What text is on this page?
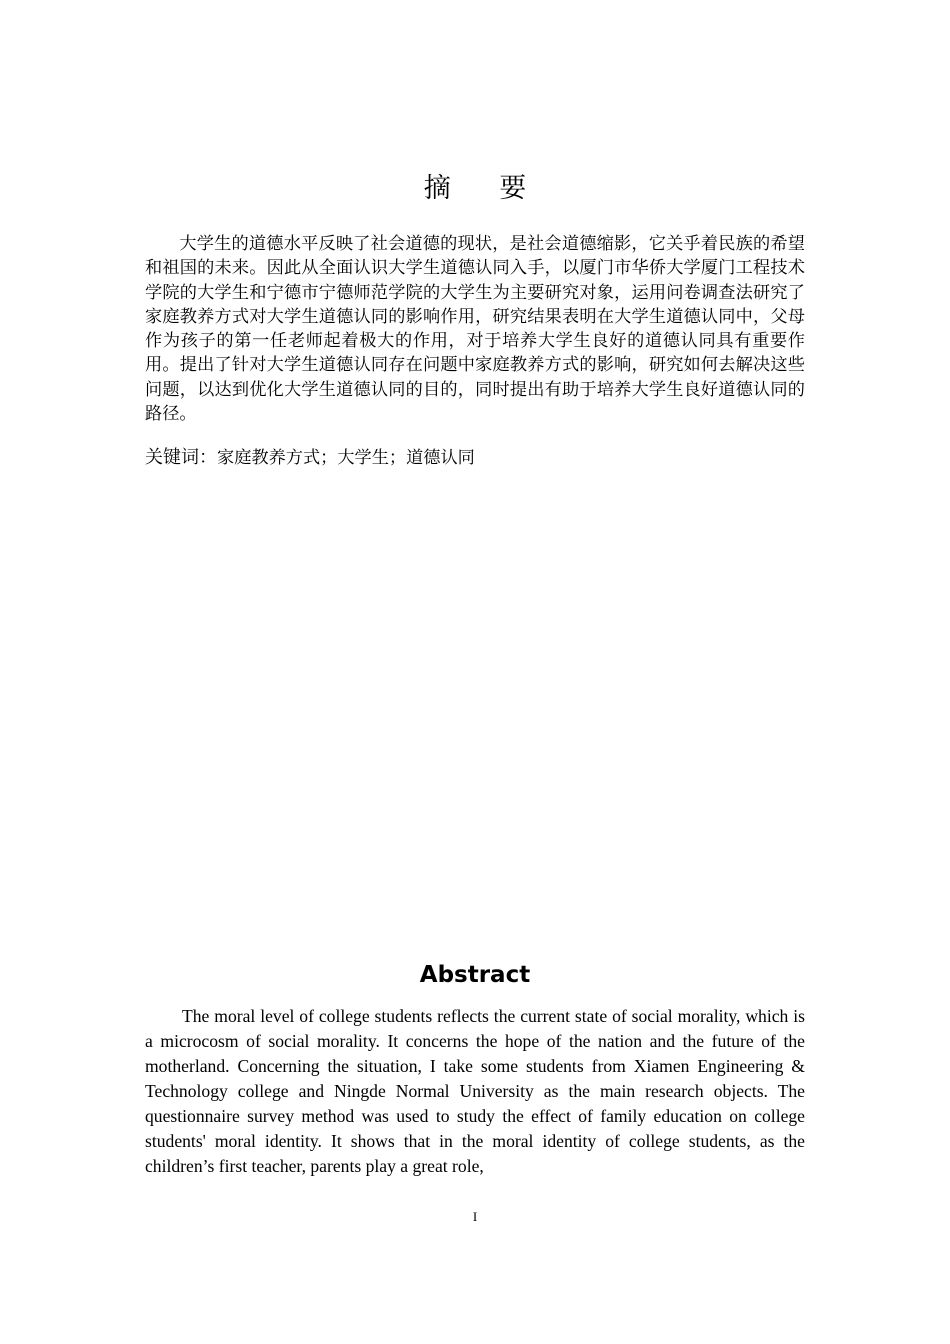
摘 要

大学生的道德水平反映了社会道德的现状，是社会道德缩影，它关乎着民族的希望和祖国的未来。因此从全面认识大学生道德认同入手，以厦门市华侨大学厦门工程技术学院的大学生和宁德市宁德师范学院的大学生为主要研究对象，运用问卷调查法研究了家庭教养方式对大学生道德认同的影响作用，研究结果表明在大学生道德认同中，父母作为孩子的第一任老师起着极大的作用，对于培养大学生良好的道德认同具有重要作用。提出了针对大学生道德认同存在问题中家庭教养方式的影响，研究如何去解决这些问题，以达到优化大学生道德认同的目的，同时提出有助于培养大学生良好道德认同的路径。

关键词：家庭教养方式；大学生；道德认同

Abstract

The moral level of college students reflects the current state of social morality, which is a microcosm of social morality. It concerns the hope of the nation and the future of the motherland. Concerning the situation, I take some students from Xiamen Engineering & Technology college and Ningde Normal University as the main research objects. The questionnaire survey method was used to study the effect of family education on college students' moral identity. It shows that in the moral identity of college students, as the children’s first teacher, parents play a great role,

I
